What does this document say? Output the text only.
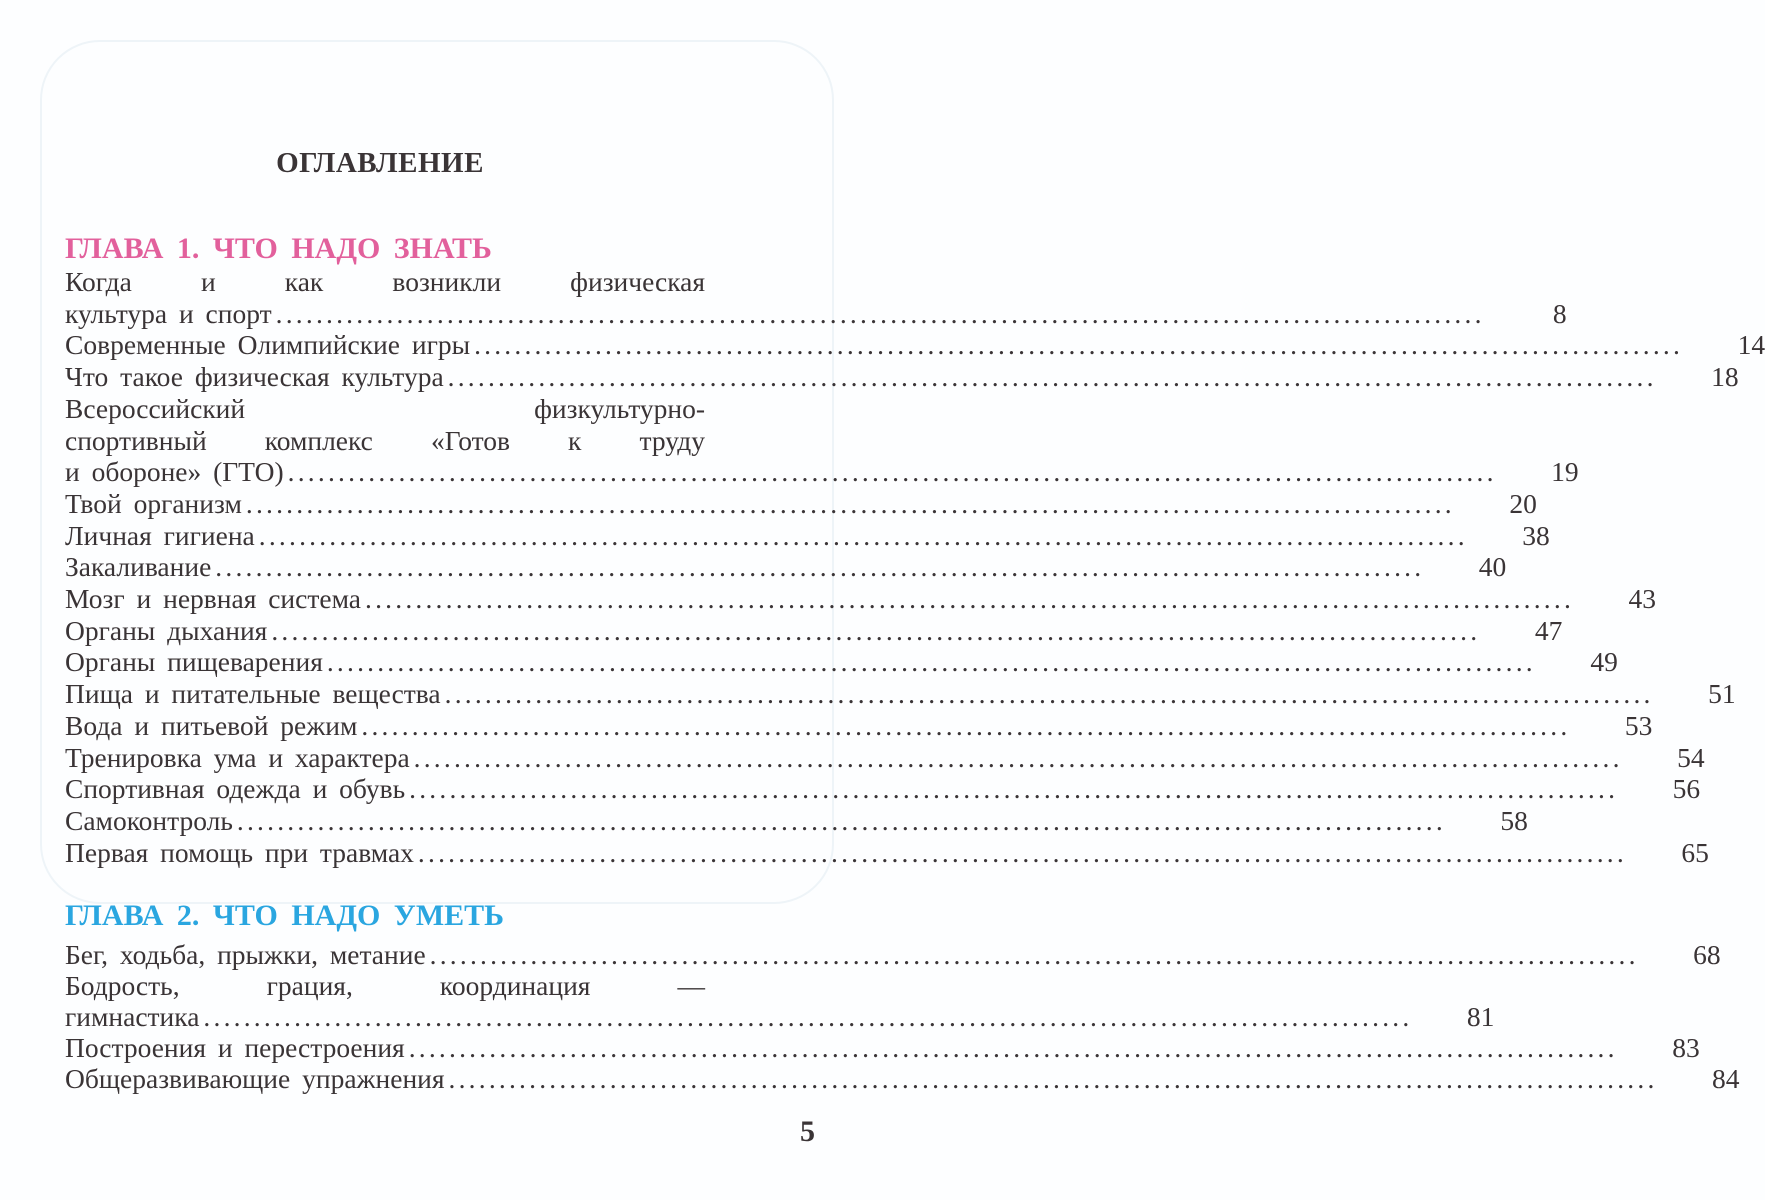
ОГЛАВЛЕНИЕ
ГЛАВА 1. ЧТО НАДО ЗНАТЬ
Когда и как возникли физическая
культура и спорт ........................................................................................................................	8
Современные Олимпийские игры ........................................................................................................................	14
Что такое физическая культура ........................................................................................................................	18
Всероссийский физкультурно-
спортивный комплекс «Готов к труду
и обороне» (ГТО) ........................................................................................................................	19
Твой организм ........................................................................................................................	20
Личная гигиена ........................................................................................................................	38
Закаливание ........................................................................................................................	40
Мозг и нервная система ........................................................................................................................	43
Органы дыхания ........................................................................................................................	47
Органы пищеварения ........................................................................................................................	49
Пища и питательные вещества ........................................................................................................................	51
Вода и питьевой режим ........................................................................................................................	53
Тренировка ума и характера ........................................................................................................................	54
Спортивная одежда и обувь ........................................................................................................................	56
Самоконтроль ........................................................................................................................	58
Первая помощь при травмах ........................................................................................................................	65
ГЛАВА 2. ЧТО НАДО УМЕТЬ
Бег, ходьба, прыжки, метание ........................................................................................................................	68
Бодрость, грация, координация —
гимнастика ........................................................................................................................	81
Построения и перестроения ........................................................................................................................	83
Общеразвивающие упражнения ........................................................................................................................	84
5
